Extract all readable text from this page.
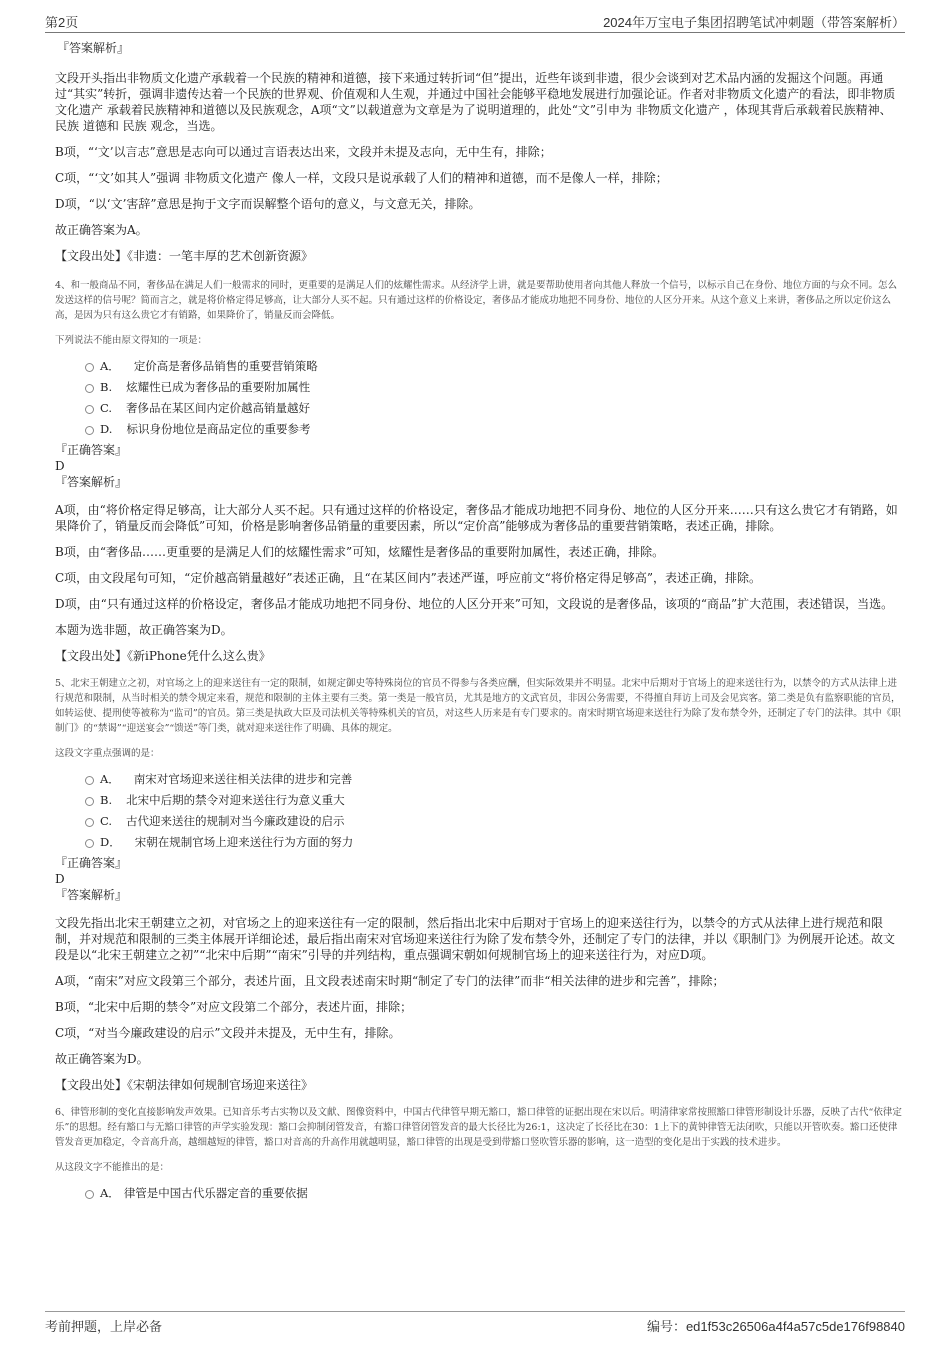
第2页	2024年万宝电子集团招聘笔试冲刺题（带答案解析）

『答案解析』

文段开头指出非物质文化遗产承载着一个民族的精神和道德，接下来通过转折词“但”提出，近些年谈到非遗，很少会谈到对艺术品内涵的发掘这个问题。再通过“其实”转折，强调非遗传达着一个民族的世界观、价值观和人生观，并通过中国社会能够平稳地发展进行加强论证。作者对非物质文化遗产的看法，即非物质文化遗产 承载着民族精神和道德以及民族观念，A项“文”以载道意为文章是为了说明道理的，此处“文”引申为 非物质文化遗产 ，体现其背后承载着民族精神、 民族 道德和 民族 观念，当选。

B项，“‘文’以言志”意思是志向可以通过言语表达出来，文段并未提及志向，无中生有，排除；

C项，“‘文’如其人”强调 非物质文化遗产 像人一样，文段只是说承载了人们的精神和道德，而不是像人一样，排除；

D项，“以‘文’害辞”意思是拘于文字而误解整个语句的意义，与文意无关，排除。

故正确答案为A。

【文段出处】《非遗：一笔丰厚的艺术创新资源》

4、和一般商品不同，奢侈品在满足人们一般需求的同时，更重要的是满足人们的炫耀性需求。从经济学上讲，就是要帮助使用者向其他人释放一个信号，以标示自己在身份、地位方面的与众不同。怎么发送这样的信号呢？简而言之，就是将价格定得足够高，让大部分人买不起。只有通过这样的价格设定，奢侈品才能成功地把不同身份、地位的人区分开来。从这个意义上来讲，奢侈品之所以定价这么高，是因为只有这么贵它才有销路，如果降价了，销量反而会降低。

下列说法不能由原文得知的一项是：

A． 定价高是奢侈品销售的重要营销策略
B. 炫耀性已成为奢侈品的重要附加属性
C. 奢侈品在某区间内定价越高销量越好
D. 标识身份地位是商品定位的重要参考

『正确答案』

D

『答案解析』

A项，由“将价格定得足够高，让大部分人买不起。只有通过这样的价格设定，奢侈品才能成功地把不同身份、地位的人区分开来……只有这么贵它才有销路，如果降价了，销量反而会降低”可知，价格是影响奢侈品销量的重要因素，所以“定价高”能够成为奢侈品的重要营销策略，表述正确，排除。

B项，由“奢侈品……更重要的是满足人们的炫耀性需求”可知，炫耀性是奢侈品的重要附加属性，表述正确，排除。

C项，由文段尾句可知，“定价越高销量越好”表述正确，且“在某区间内”表述严谨，呼应前文“将价格定得足够高”，表述正确，排除。

D项，由“只有通过这样的价格设定，奢侈品才能成功地把不同身份、地位的人区分开来”可知，文段说的是奢侈品，该项的“商品”扩大范围，表述错误，当选。

本题为选非题，故正确答案为D。

【文段出处】《新iPhone凭什么这么贵》

5、北宋王朝建立之初，对官场之上的迎来送往有一定的限制，如规定御史等特殊岗位的官员不得参与各类应酬，但实际效果并不明显。北宋中后期对于官场上的迎来送往行为，以禁令的方式从法律上进行规范和限制，从当时相关的禁令规定来看，规范和限制的主体主要有三类。第一类是一般官员，尤其是地方的文武官员，非因公务需要，不得擅自拜访上司及会见宾客。第二类是负有监察职能的官员，如转运使、提刑使等被称为“监司”的官员。第三类是执政大臣及司法机关等特殊机关的官员，对这些人历来是有专门要求的。南宋时期官场迎来送往行为除了发布禁令外，还制定了专门的法律。其中《职制门》的“禁谒”“迎送宴会”“馈送”等门类，就对迎来送往作了明确、具体的规定。

这段文字重点强调的是：

A． 南宋对官场迎来送往相关法律的进步和完善
B. 北宋中后期的禁令对迎来送往行为意义重大
C. 古代迎来送往的规制对当今廉政建设的启示
D． 宋朝在规制官场上迎来送往行为方面的努力

『正确答案』

D

『答案解析』

文段先指出北宋王朝建立之初，对官场之上的迎来送往有一定的限制，然后指出北宋中后期对于官场上的迎来送往行为，以禁令的方式从法律上进行规范和限制，并对规范和限制的三类主体展开详细论述，最后指出南宋对官场迎来送往行为除了发布禁令外，还制定了专门的法律，并以《职制门》为例展开论述。故文段是以“北宋王朝建立之初”“北宋中后期”“南宋”引导的并列结构，重点强调宋朝如何规制官场上的迎来送往行为，对应D项。

A项，“南宋”对应文段第三个部分，表述片面，且文段表述南宋时期“制定了专门的法律”而非“相关法律的进步和完善”，排除；

B项，“北宋中后期的禁令”对应文段第二个部分，表述片面，排除；

C项，“对当今廉政建设的启示”文段并未提及，无中生有，排除。

故正确答案为D。

【文段出处】《宋朝法律如何规制官场迎来送往》

6、律管形制的变化直接影响发声效果。已知音乐考古实物以及文献、图像资料中，中国古代律管早期无豁口，豁口律管的证据出现在宋以后。明清律家常按照豁口律管形制设计乐器，反映了古代“依律定乐”的思想。经有豁口与无豁口律管的声学实验发现：豁口会抑制闭管发音，有豁口律管闭管发音的最大长径比为26:1，这决定了长径比在30：1上下的黄钟律管无法闭吹，只能以开管吹奏。豁口还使律管发音更加稳定，令音高升高，越细越短的律管，豁口对音高的升高作用就越明显，豁口律管的出现是受到带豁口竖吹管乐器的影响，这一造型的变化是出于实践的技术进步。

从这段文字不能推出的是：

A． 律管是中国古代乐器定音的重要依据
考前押题，上岸必备	编号：ed1f53c26506a4f4a57c5de176f98840
